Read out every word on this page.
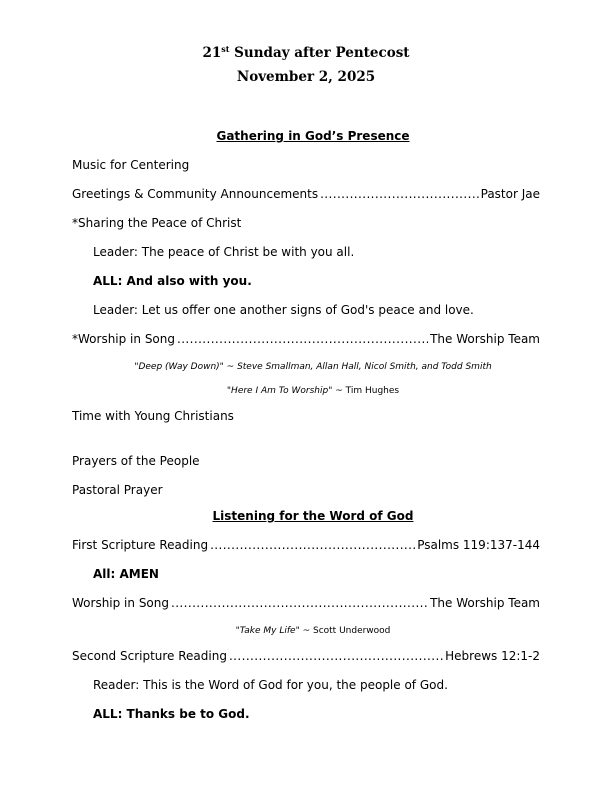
21st Sunday after Pentecost
November 2, 2025
Gathering in God’s Presence
Music for Centering
Greetings & Community Announcements .....	Pastor Jae
*Sharing the Peace of Christ
Leader: The peace of Christ be with you all.
ALL: And also with you.
Leader: Let us offer one another signs of God's peace and love.
*Worship in Song .....	The Worship Team
"Deep (Way Down)" ~ Steve Smallman, Allan Hall, Nicol Smith, and Todd Smith
"Here I Am To Worship" ~ Tim Hughes
Time with Young Christians
Prayers of the People
Pastoral Prayer
Listening for the Word of God
First Scripture Reading .....	Psalms 119:137-144
All: AMEN
Worship in Song .....	The Worship Team
"Take My Life" ~ Scott Underwood
Second Scripture Reading .....	Hebrews 12:1-2
Reader: This is the Word of God for you, the people of God.
ALL: Thanks be to God.
